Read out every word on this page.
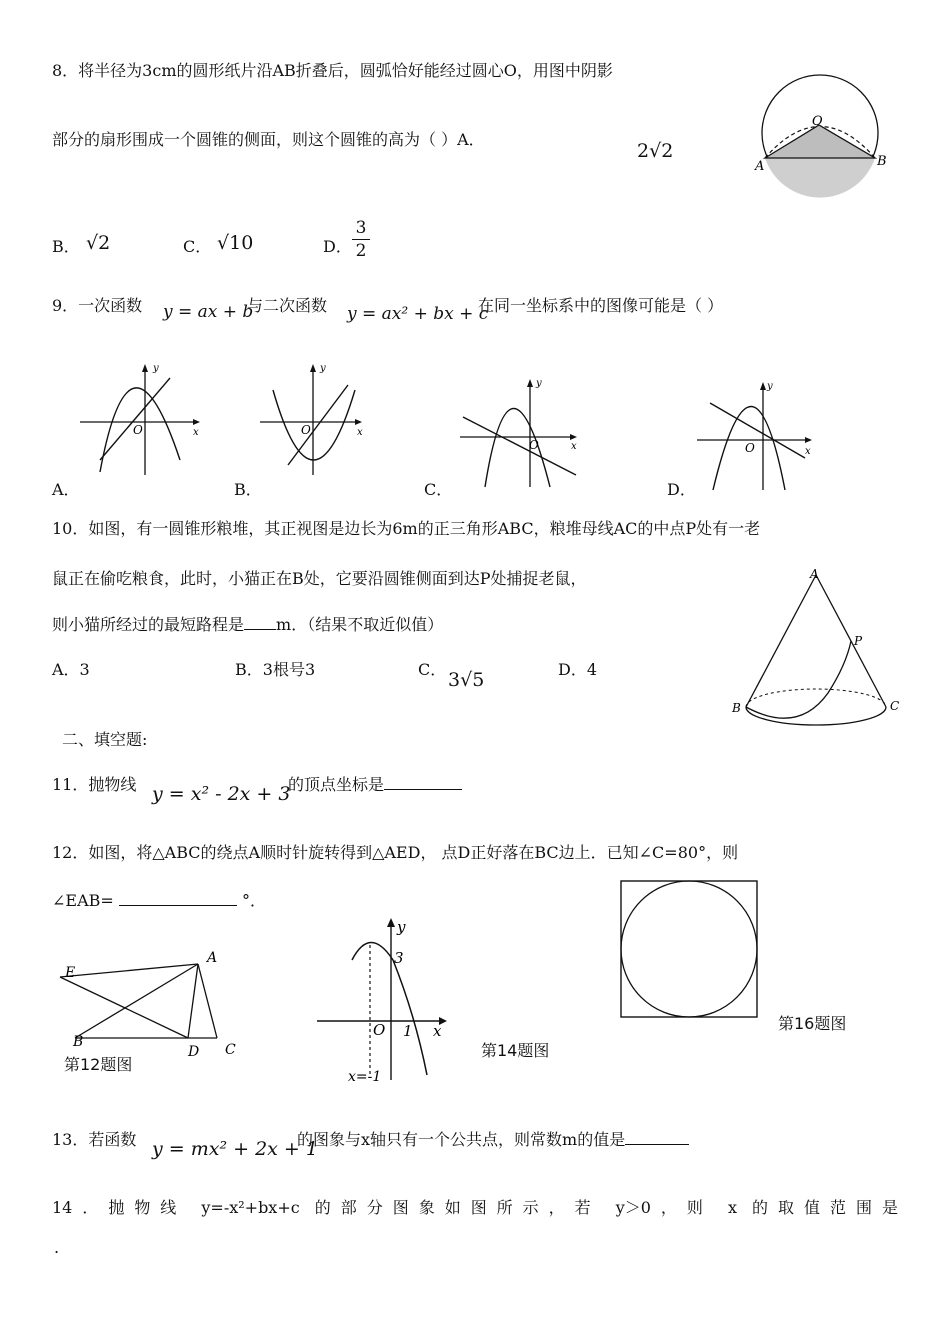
8．将半径为3cm的圆形纸片沿AB折叠后，圆弧恰好能经过圆心O，用图中阴影
部分的扇形围成一个圆锥的侧面，则这个圆锥的高为（ ）A．
2√2
B． √2	C． √10	D．
3
2
O
A	B
9．一次函数 y = ax + b
与二次函数 y = ax² + bx + c
在同一坐标系中的图像可能是（ ）
y
x
O
A．
y
x
O
B．
y
x
O
C．
y
x
O
D．
10．如图，有一圆锥形粮堆，其正视图是边长为6m的正三角形ABC，粮堆母线AC的中点P处有一老
鼠正在偷吃粮食，此时，小猫正在B处，它要沿圆锥侧面到达P处捕捉老鼠，
则小猫所经过的最短路程是 m．（结果不取近似值）
A．3	B．3根号3	C． 3√5	D．4
A
P
B	C
二、填空题:
11．抛物线 y = x² - 2x + 3
的顶点坐标是
12．如图，将△ABC的绕点A顺时针旋转得到△AED， 点D正好落在BC边上．已知∠C=80°，则
∠EAB=	°．
E
A
B
D C
第12题图
y
x
3
O 1
x=-1
第14题图
第16题图
13．若函数 y = mx² + 2x + 1
的图象与x轴只有一个公共点，则常数m的值是
14．抛物线 y=-x²+bx+c 的部分图象如图所示，若 y＞0，则 x 的取值范围是
.
